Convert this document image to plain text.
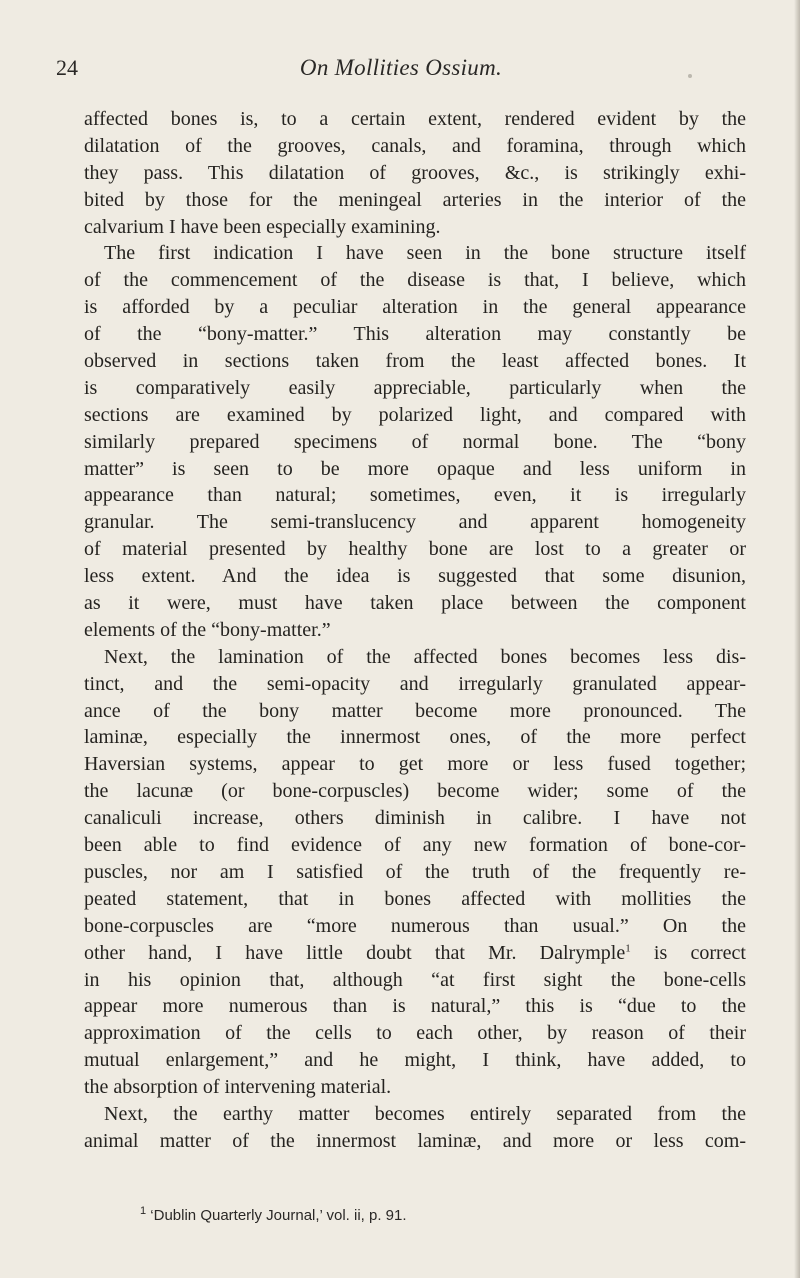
24	On Mollities Ossium.
affected bones is, to a certain extent, rendered evident by the
dilatation of the grooves, canals, and foramina, through which
they pass. This dilatation of grooves, &c., is strikingly exhi-
bited by those for the meningeal arteries in the interior of the
calvarium I have been especially examining.
The first indication I have seen in the bone structure itself
of the commencement of the disease is that, I believe, which
is afforded by a peculiar alteration in the general appearance
of the “bony-matter.” This alteration may constantly be
observed in sections taken from the least affected bones. It
is comparatively easily appreciable, particularly when the
sections are examined by polarized light, and compared with
similarly prepared specimens of normal bone. The “bony
matter” is seen to be more opaque and less uniform in
appearance than natural; sometimes, even, it is irregularly
granular. The semi-translucency and apparent homogeneity
of material presented by healthy bone are lost to a greater or
less extent. And the idea is suggested that some disunion,
as it were, must have taken place between the component
elements of the “bony-matter.”
Next, the lamination of the affected bones becomes less dis-
tinct, and the semi-opacity and irregularly granulated appear-
ance of the bony matter become more pronounced. The
laminæ, especially the innermost ones, of the more perfect
Haversian systems, appear to get more or less fused together;
the lacunæ (or bone-corpuscles) become wider; some of the
canaliculi increase, others diminish in calibre. I have not
been able to find evidence of any new formation of bone-cor-
puscles, nor am I satisfied of the truth of the frequently re-
peated statement, that in bones affected with mollities the
bone-corpuscles are “more numerous than usual.” On the
other hand, I have little doubt that Mr. Dalrymple$^1$ is correct
in his opinion that, although “at first sight the bone-cells
appear more numerous than is natural,” this is “due to the
approximation of the cells to each other, by reason of their
mutual enlargement,” and he might, I think, have added, to
the absorption of intervening material.
Next, the earthy matter becomes entirely separated from the
animal matter of the innermost laminæ, and more or less com-
$^1$ ‘Dublin Quarterly Journal,’ vol. ii, p. 91.
